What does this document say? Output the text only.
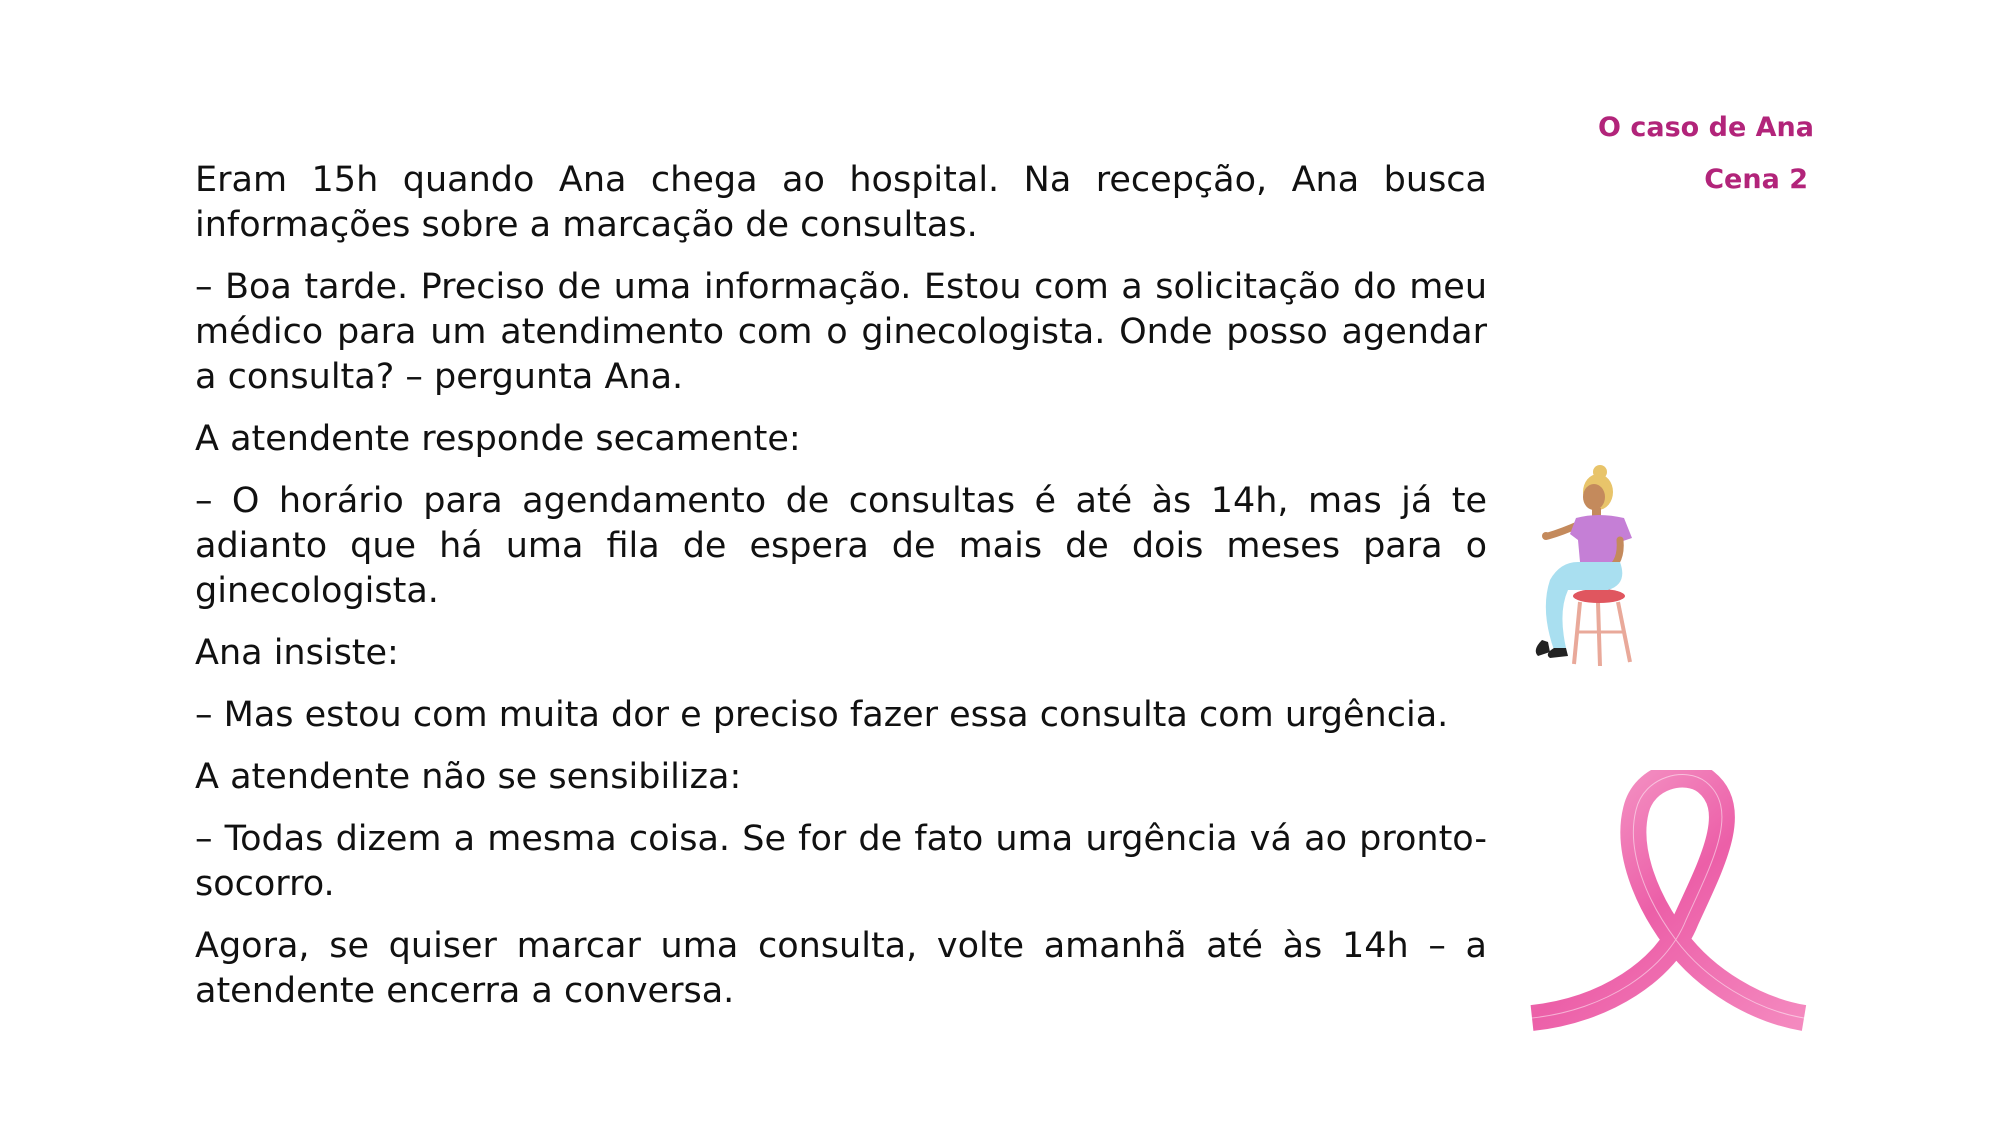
O caso de Ana
Cena 2

Eram 15h quando Ana chega ao hospital. Na recepção, Ana busca informações sobre a marcação de consultas.

– Boa tarde. Preciso de uma informação. Estou com a solicitação do meu médico para um atendimento com o ginecologista. Onde posso agendar a consulta? – pergunta Ana.

A atendente responde secamente:

– O horário para agendamento de consultas é até às 14h, mas já te adianto que há uma fila de espera de mais de dois meses para o ginecologista.

Ana insiste:

– Mas estou com muita dor e preciso fazer essa consulta com urgência.

A atendente não se sensibiliza:

– Todas dizem a mesma coisa. Se for de fato uma urgência vá ao pronto-socorro.

Agora, se quiser marcar uma consulta, volte amanhã até às 14h – a atendente encerra a conversa.
